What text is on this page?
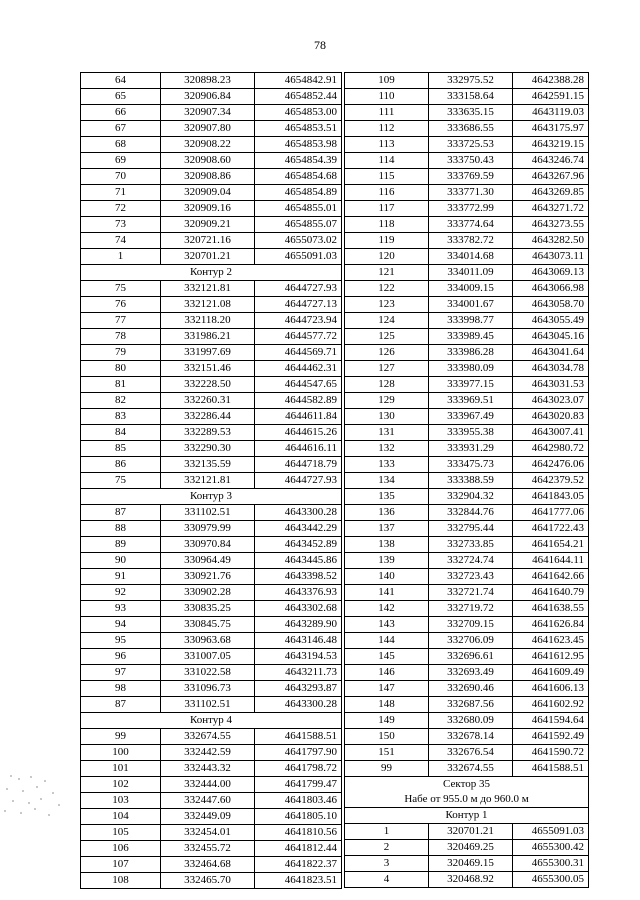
78
64	320898.23	4654842.91
65	320906.84	4654852.44
66	320907.34	4654853.00
67	320907.80	4654853.51
68	320908.22	4654853.98
69	320908.60	4654854.39
70	320908.86	4654854.68
71	320909.04	4654854.89
72	320909.16	4654855.01
73	320909.21	4654855.07
74	320721.16	4655073.02
1	320701.21	4655091.03
Контур 2		
75	332121.81	4644727.93
76	332121.08	4644727.13
77	332118.20	4644723.94
78	331986.21	4644577.72
79	331997.69	4644569.71
80	332151.46	4644462.31
81	332228.50	4644547.65
82	332260.31	4644582.89
83	332286.44	4644611.84
84	332289.53	4644615.26
85	332290.30	4644616.11
86	332135.59	4644718.79
75	332121.81	4644727.93
Контур 3		
87	331102.51	4643300.28
88	330979.99	4643442.29
89	330970.84	4643452.89
90	330964.49	4643445.86
91	330921.76	4643398.52
92	330902.28	4643376.93
93	330835.25	4643302.68
94	330845.75	4643289.90
95	330963.68	4643146.48
96	331007.05	4643194.53
97	331022.58	4643211.73
98	331096.73	4643293.87
87	331102.51	4643300.28
Контур 4		
99	332674.55	4641588.51
100	332442.59	4641797.90
101	332443.32	4641798.72
102	332444.00	4641799.47
103	332447.60	4641803.46
104	332449.09	4641805.10
105	332454.01	4641810.56
106	332455.72	4641812.44
107	332464.68	4641822.37
108	332465.70	4641823.51
109	332975.52	4642388.28
110	333158.64	4642591.15
111	333635.15	4643119.03
112	333686.55	4643175.97
113	333725.53	4643219.15
114	333750.43	4643246.74
115	333769.59	4643267.96
116	333771.30	4643269.85
117	333772.99	4643271.72
118	333774.64	4643273.55
119	333782.72	4643282.50
120	334014.68	4643073.11
121	334011.09	4643069.13
122	334009.15	4643066.98
123	334001.67	4643058.70
124	333998.77	4643055.49
125	333989.45	4643045.16
126	333986.28	4643041.64
127	333980.09	4643034.78
128	333977.15	4643031.53
129	333969.51	4643023.07
130	333967.49	4643020.83
131	333955.38	4643007.41
132	333931.29	4642980.72
133	333475.73	4642476.06
134	333388.59	4642379.52
135	332904.32	4641843.05
136	332844.76	4641777.06
137	332795.44	4641722.43
138	332733.85	4641654.21
139	332724.74	4641644.11
140	332723.43	4641642.66
141	332721.74	4641640.79
142	332719.72	4641638.55
143	332709.15	4641626.84
144	332706.09	4641623.45
145	332696.61	4641612.95
146	332693.49	4641609.49
147	332690.46	4641606.13
148	332687.56	4641602.92
149	332680.09	4641594.64
150	332678.14	4641592.49
151	332676.54	4641590.72
99	332674.55	4641588.51
Сектор 35		
Набе от 955.0 м до 960.0 м		
Контур 1		
1	320701.21	4655091.03
2	320469.25	4655300.42
3	320469.15	4655300.31
4	320468.92	4655300.05
